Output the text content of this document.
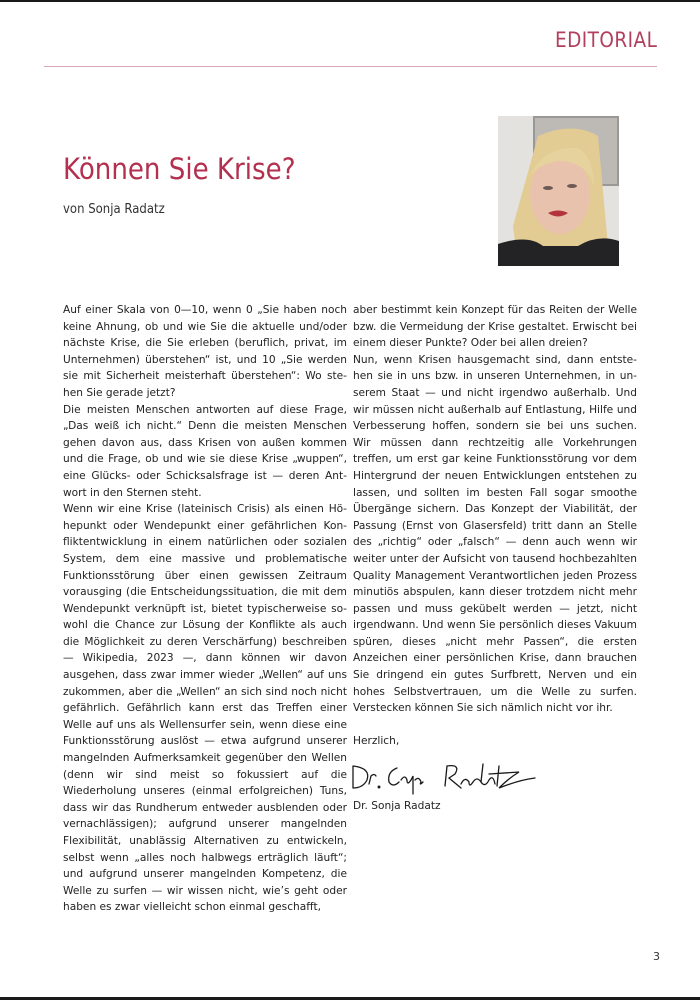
EDITORIAL
Können Sie Krise?
von Sonja Radatz

Auf einer Skala von 0—10, wenn 0 „Sie haben noch keine Ahnung, ob und wie Sie die aktuelle und/oder nächste Krise, die Sie erleben (beruflich, privat, im Unternehmen) überstehen“ ist, und 10 „Sie werden sie mit Sicherheit meisterhaft überstehen“: Wo stehen Sie gerade jetzt?

Die meisten Menschen antworten auf diese Frage, „Das weiß ich nicht.“ Denn die meisten Menschen gehen davon aus, dass Krisen von außen kommen und die Frage, ob und wie sie diese Krise „wuppen“, eine Glücks- oder Schicksalsfrage ist — deren Antwort in den Sternen steht.

Wenn wir eine Krise (lateinisch Crisis) als einen Höhepunkt oder Wendepunkt einer gefährlichen Konfliktentwicklung in einem natürlichen oder sozialen System, dem eine massive und problematische Funktionsstörung über einen gewissen Zeitraum vorausging (die Entscheidungssituation, die mit dem Wendepunkt verknüpft ist, bietet typischerweise sowohl die Chance zur Lösung der Konflikte als auch die Möglichkeit zu deren Verschärfung) beschreiben — Wikipedia, 2023 —, dann können wir davon ausgehen, dass zwar immer wieder „Wellen“ auf uns zukommen, aber die „Wellen“ an sich sind noch nicht gefährlich. Gefährlich kann erst das Treffen einer Welle auf uns als Wellensurfer sein, wenn diese eine Funktionsstörung auslöst — etwa aufgrund unserer mangelnden Aufmerksamkeit gegenüber den Wellen (denn wir sind meist so fokussiert auf die Wiederholung unseres (einmal erfolgreichen) Tuns, dass wir das Rundherum entweder ausblenden oder vernachlässigen); aufgrund unserer mangelnden Flexibilität, unablässig Alternativen zu entwickeln, selbst wenn „alles noch halbwegs erträglich läuft“; und aufgrund unserer mangelnden Kompetenz, die Welle zu surfen — wir wissen nicht, wie’s geht oder haben es zwar vielleicht schon einmal geschafft,

aber bestimmt kein Konzept für das Reiten der Welle bzw. die Vermeidung der Krise gestaltet. Erwischt bei einem dieser Punkte? Oder bei allen dreien?

Nun, wenn Krisen hausgemacht sind, dann entstehen sie in uns bzw. in unseren Unternehmen, in unserem Staat — und nicht irgendwo außerhalb. Und wir müssen nicht außerhalb auf Entlastung, Hilfe und Verbesserung hoffen, sondern sie bei uns suchen. Wir müssen dann rechtzeitig alle Vorkehrungen treffen, um erst gar keine Funktionsstörung vor dem Hintergrund der neuen Entwicklungen entstehen zu lassen, und sollten im besten Fall sogar smoothe Übergänge sichern. Das Konzept der Viabilität, der Passung (Ernst von Glasersfeld) tritt dann an Stelle des „richtig“ oder „falsch“ — denn auch wenn wir weiter unter der Aufsicht von tausend hochbezahlten Quality Management Verantwortlichen jeden Prozess minutiös abspulen, kann dieser trotzdem nicht mehr passen und muss gekübelt werden — jetzt, nicht irgendwann. Und wenn Sie persönlich dieses Vakuum spüren, dieses „nicht mehr Passen“, die ersten Anzeichen einer persönlichen Krise, dann brauchen Sie dringend ein gutes Surfbrett, Nerven und ein hohes Selbstvertrauen, um die Welle zu surfen. Verstecken können Sie sich nämlich nicht vor ihr.

Herzlich,

Dr. Sonja Radatz

3
